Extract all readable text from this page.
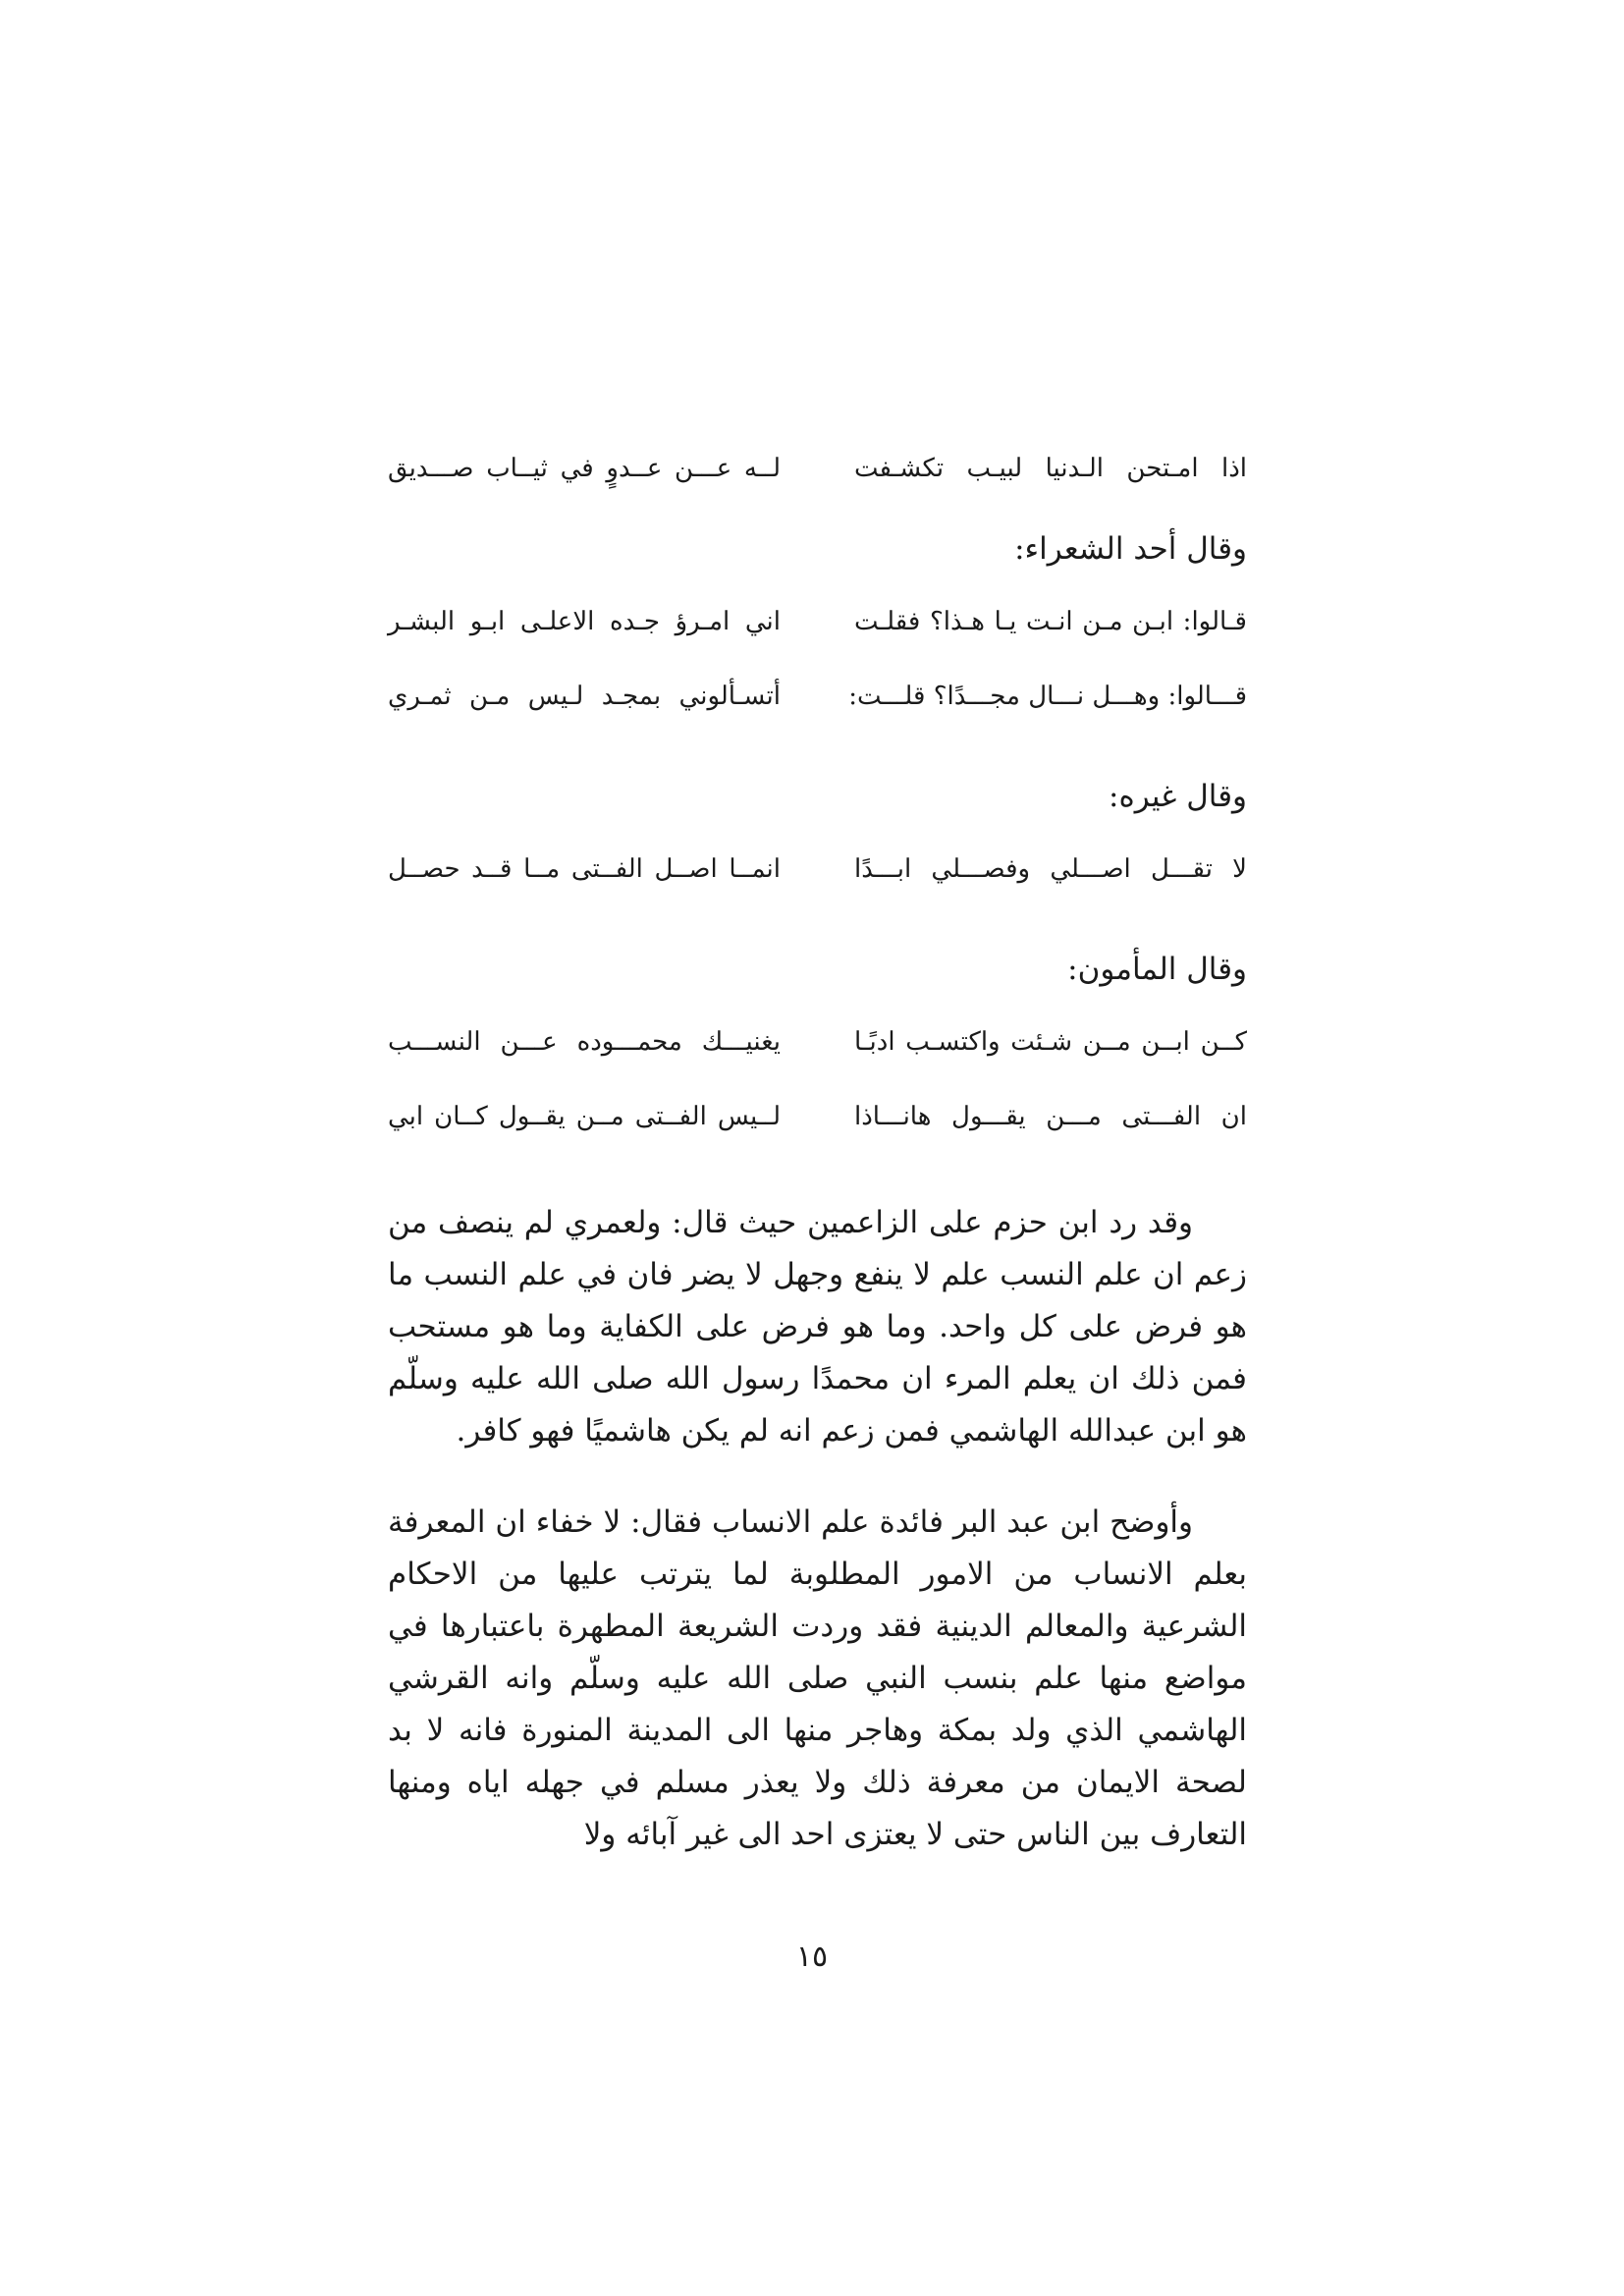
اذا امـتحن الـدنيا لبيـب تكشـفت
لــه عـــن عــدوٍ في ثيــاب صـــديق
وقال أحد الشعراء:
قـالوا: ابـن مـن انـت يـا هـذا؟ فقلـت
اني امـرؤ جـده الاعلـى ابـو البشـر
قـــالوا: وهـــل نـــال مجـــدًا؟ قلـــت:
أتسـألوني بمجـد لـيس مـن ثمـري
وقال غيره:
لا تقـــل اصـــلي وفصـــلي ابـــدًا
انمــا اصــل الفــتى مــا قــد حصــل
وقال المأمون:
كــن ابــن مــن شـئت واكتسـب ادبًـا
يغنيـــك محمـــوده عـــن النســـب
ان الفـــتى مـــن يقـــول هانـــاذا
لــيس الفــتى مــن يقــول كــان ابي

وقد رد ابن حزم على الزاعمين حيث قال: ولعمري لم ينصف من زعم ان علم النسب علم لا ينفع وجهل لا يضر فان في علم النسب ما هو فرض على كل واحد. وما هو فرض على الكفاية وما هو مستحب فمن ذلك ان يعلم المرء ان محمدًا رسول الله صلى الله عليه وسلّم هو ابن عبدالله الهاشمي فمن زعم انه لم يكن هاشميًا فهو كافر.

وأوضح ابن عبد البر فائدة علم الانساب فقال: لا خفاء ان المعرفة بعلم الانساب من الامور المطلوبة لما يترتب عليها من الاحكام الشرعية والمعالم الدينية فقد وردت الشريعة المطهرة باعتبارها في مواضع منها علم بنسب النبي صلى الله عليه وسلّم وانه القرشي الهاشمي الذي ولد بمكة وهاجر منها الى المدينة المنورة فانه لا بد لصحة الايمان من معرفة ذلك ولا يعذر مسلم في جهله اياه ومنها التعارف بين الناس حتى لا يعتزى احد الى غير آبائه ولا

١٥
